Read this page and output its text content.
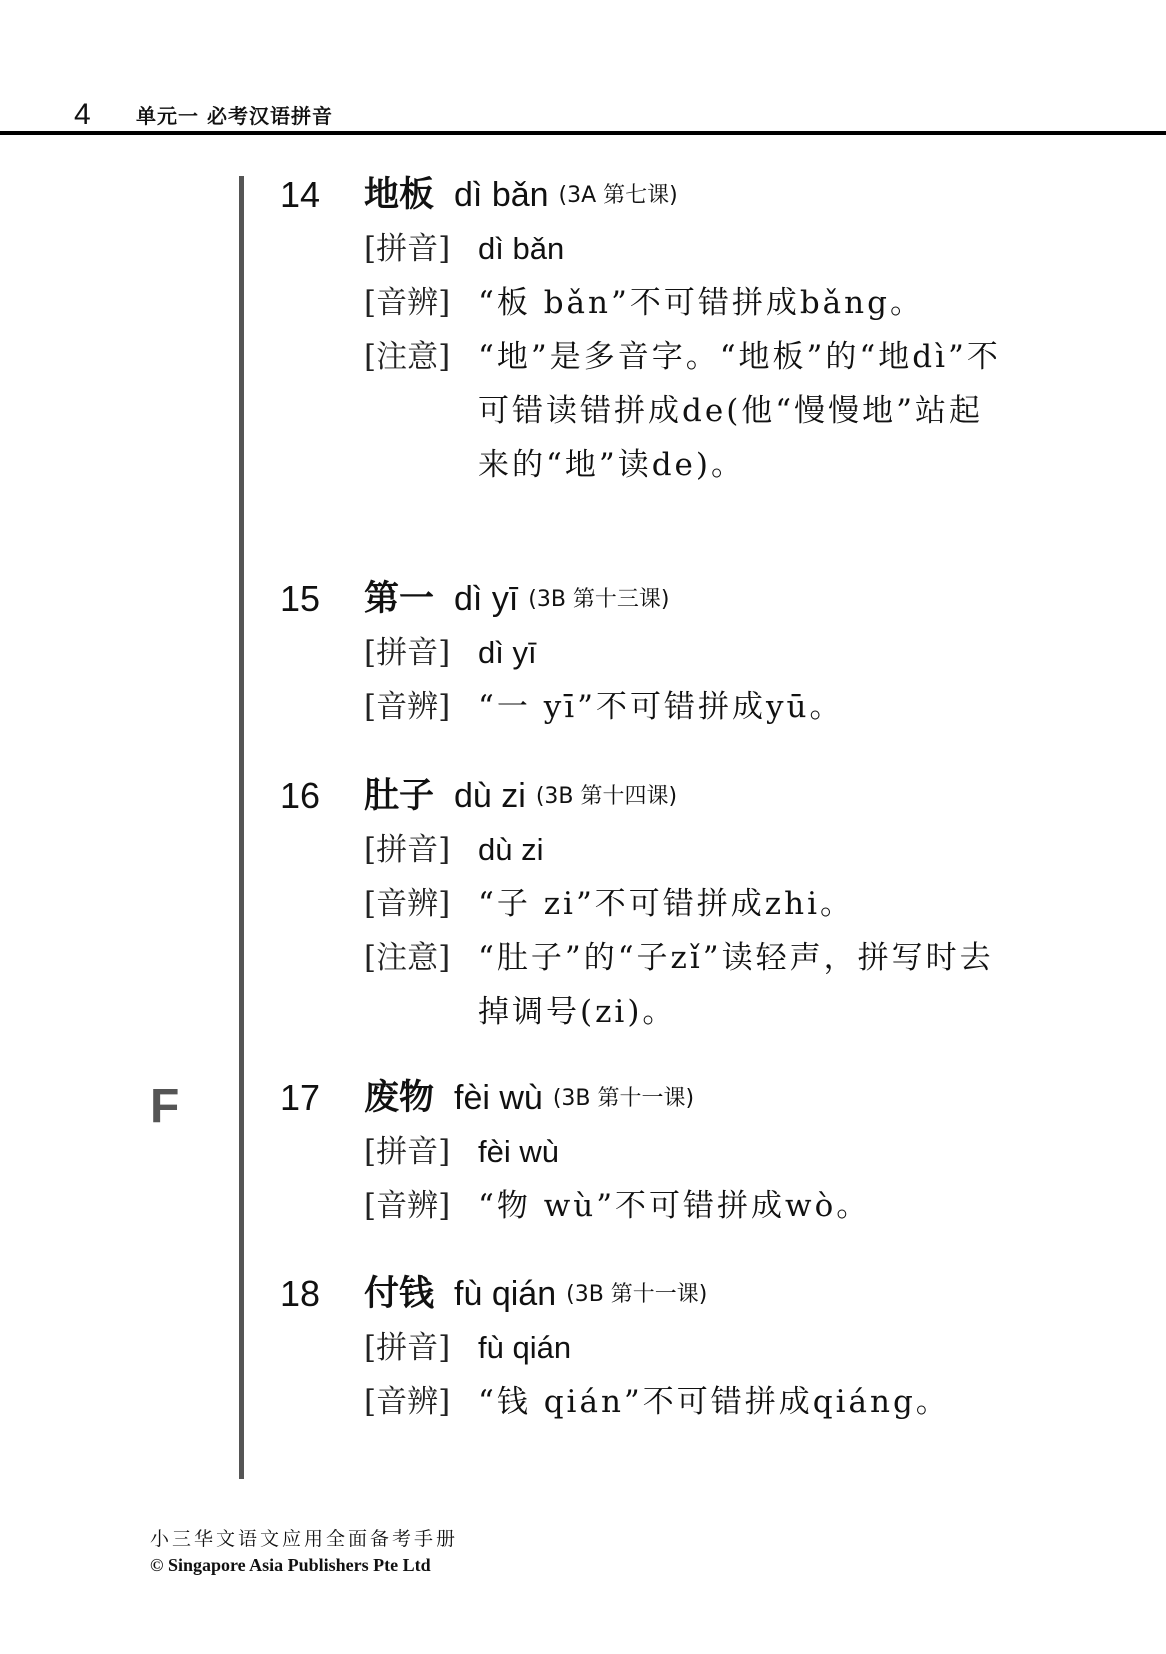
4 单元一 必考汉语拼音
F
14 地板 dì bǎn (3A 第七课)
[拼音] dì bǎn
[音辨] “板 bǎn”不可错拼成bǎng。
[注意] “地”是多音字。“地板”的“地dì”不可错读错拼成de(他“慢慢地”站起来的“地”读de)。
15 第一 dì yī (3B 第十三课)
[拼音] dì yī
[音辨] “一 yī”不可错拼成yū。
16 肚子 dù zi (3B 第十四课)
[拼音] dù zi
[音辨] “子 zi”不可错拼成zhi。
[注意] “肚子”的“子zǐ”读轻声，拼写时去掉调号(zi)。
17 废物 fèi wù (3B 第十一课)
[拼音] fèi wù
[音辨] “物 wù”不可错拼成wò。
18 付钱 fù qián (3B 第十一课)
[拼音] fù qián
[音辨] “钱 qián”不可错拼成qiáng。
小三华文语文应用全面备考手册
© Singapore Asia Publishers Pte Ltd
